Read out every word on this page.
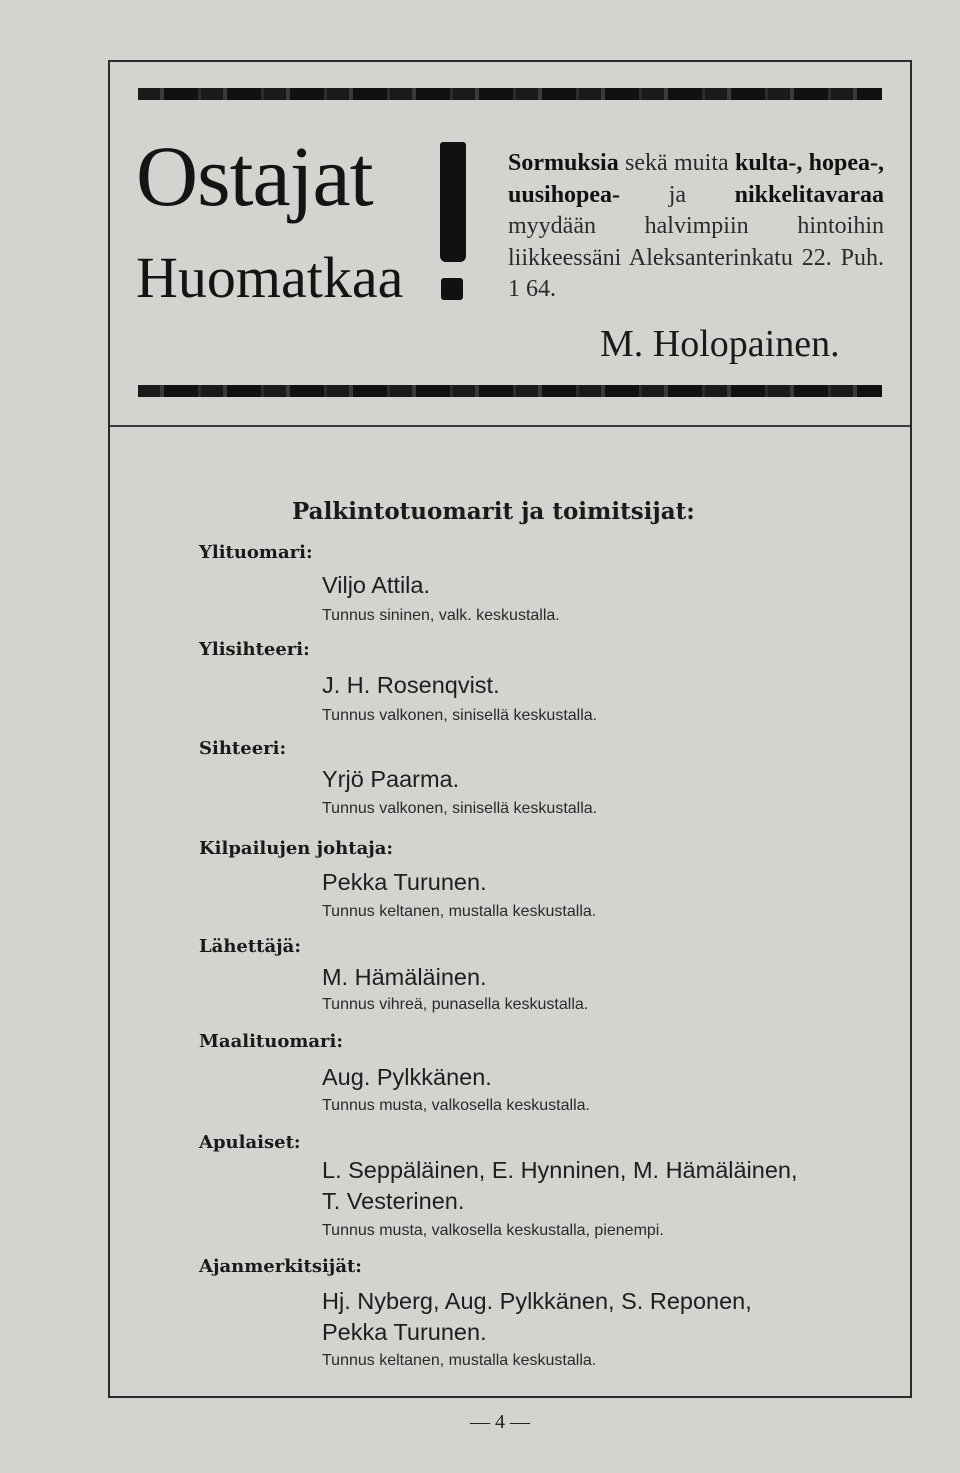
Ostajat
Huomatkaa
Sormuksia sekä muita kulta-, hopea-, uusihopea- ja nikkelitavaraa myydään halvimpiin hintoihin liikkeessäni Aleksanterinkatu 22. Puh. 1 64.
M. Holopainen.
Palkintotuomarit ja toimitsijat:
Ylituomari:
Viljo Attila.
Tunnus sininen, valk. keskustalla.
Ylisihteeri:
J. H. Rosenqvist.
Tunnus valkonen, sinisellä keskustalla.
Sihteeri:
Yrjö Paarma.
Tunnus valkonen, sinisellä keskustalla.
Kilpailujen johtaja:
Pekka Turunen.
Tunnus keltanen, mustalla keskustalla.
Lähettäjä:
M. Hämäläinen.
Tunnus vihreä, punasella keskustalla.
Maalituomari:
Aug. Pylkkänen.
Tunnus musta, valkosella keskustalla.
Apulaiset:
L. Seppäläinen, E. Hynninen, M. Hämäläinen,
T. Vesterinen.
Tunnus musta, valkosella keskustalla, pienempi.
Ajanmerkitsijät:
Hj. Nyberg, Aug. Pylkkänen, S. Reponen,
Pekka Turunen.
Tunnus keltanen, mustalla keskustalla.
— 4 —
